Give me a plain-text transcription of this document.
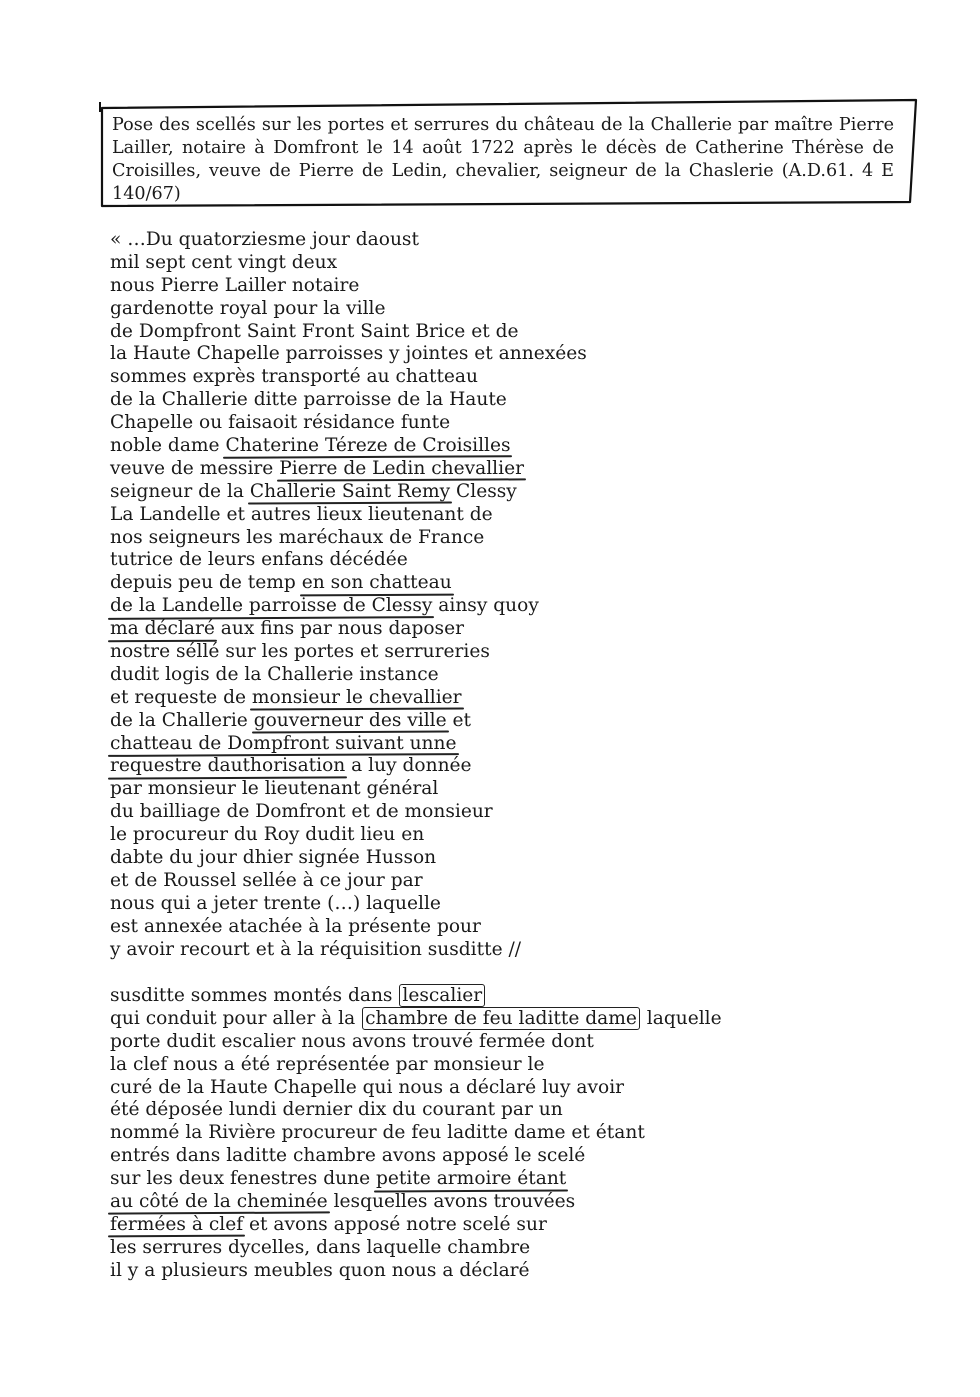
Pose des scellés sur les portes et serrures du château de la Challerie par maître Pierre Lailler, notaire à Domfront le 14 août 1722 après le décès de Catherine Thérèse de Croisilles, veuve de Pierre de Ledin, chevalier, seigneur de la Chaslerie (A.D.61. 4 E 140/67)
« …Du quatorziesme jour daoust
mil sept cent vingt deux
nous Pierre Lailler notaire
gardenotte royal pour la ville
de Dompfront Saint Front Saint Brice et de
la Haute Chapelle parroisses y jointes et annexées
sommes exprès transporté au chatteau
de la Challerie ditte parroisse de la Haute
Chapelle ou faisaoit résidance funte
noble dame Chaterine Téreze de Croisilles
veuve de messire Pierre de Ledin chevallier
seigneur de la Challerie Saint Remy Clessy
La Landelle et autres lieux lieutenant de
nos seigneurs les maréchaux de France
tutrice de leurs enfans décédée
depuis peu de temp en son chatteau
de la Landelle parroisse de Clessy ainsy quoy
ma déclaré aux fins par nous daposer
nostre séllé sur les portes et serrureries
dudit logis de la Challerie instance
et requeste de monsieur le chevallier
de la Challerie gouverneur des ville et
chatteau de Dompfront suivant unne
requestre dauthorisation a luy donnée
par monsieur le lieutenant général
du bailliage de Domfront et de monsieur
le procureur du Roy dudit lieu en
dabte du jour dhier signée Husson
et de Roussel sellée à ce jour par
nous qui a jeter trente (…) laquelle
est annexée atachée à la présente pour
y avoir recourt et à la réquisition susditte //
susditte sommes montés dans lescalier
qui conduit pour aller à la chambre de feu laditte dame laquelle
porte dudit escalier nous avons trouvé fermée dont
la clef nous a été représentée par monsieur le
curé de la Haute Chapelle qui nous a déclaré luy avoir
été déposée lundi dernier dix du courant par un
nommé la Rivière procureur de feu laditte dame et étant
entrés dans laditte chambre avons apposé le scelé
sur les deux fenestres dune petite armoire étant
au côté de la cheminée lesquelles avons trouvées
fermées à clef et avons apposé notre scelé sur
les serrures dycelles, dans laquelle chambre
il y a plusieurs meubles quon nous a déclaré
